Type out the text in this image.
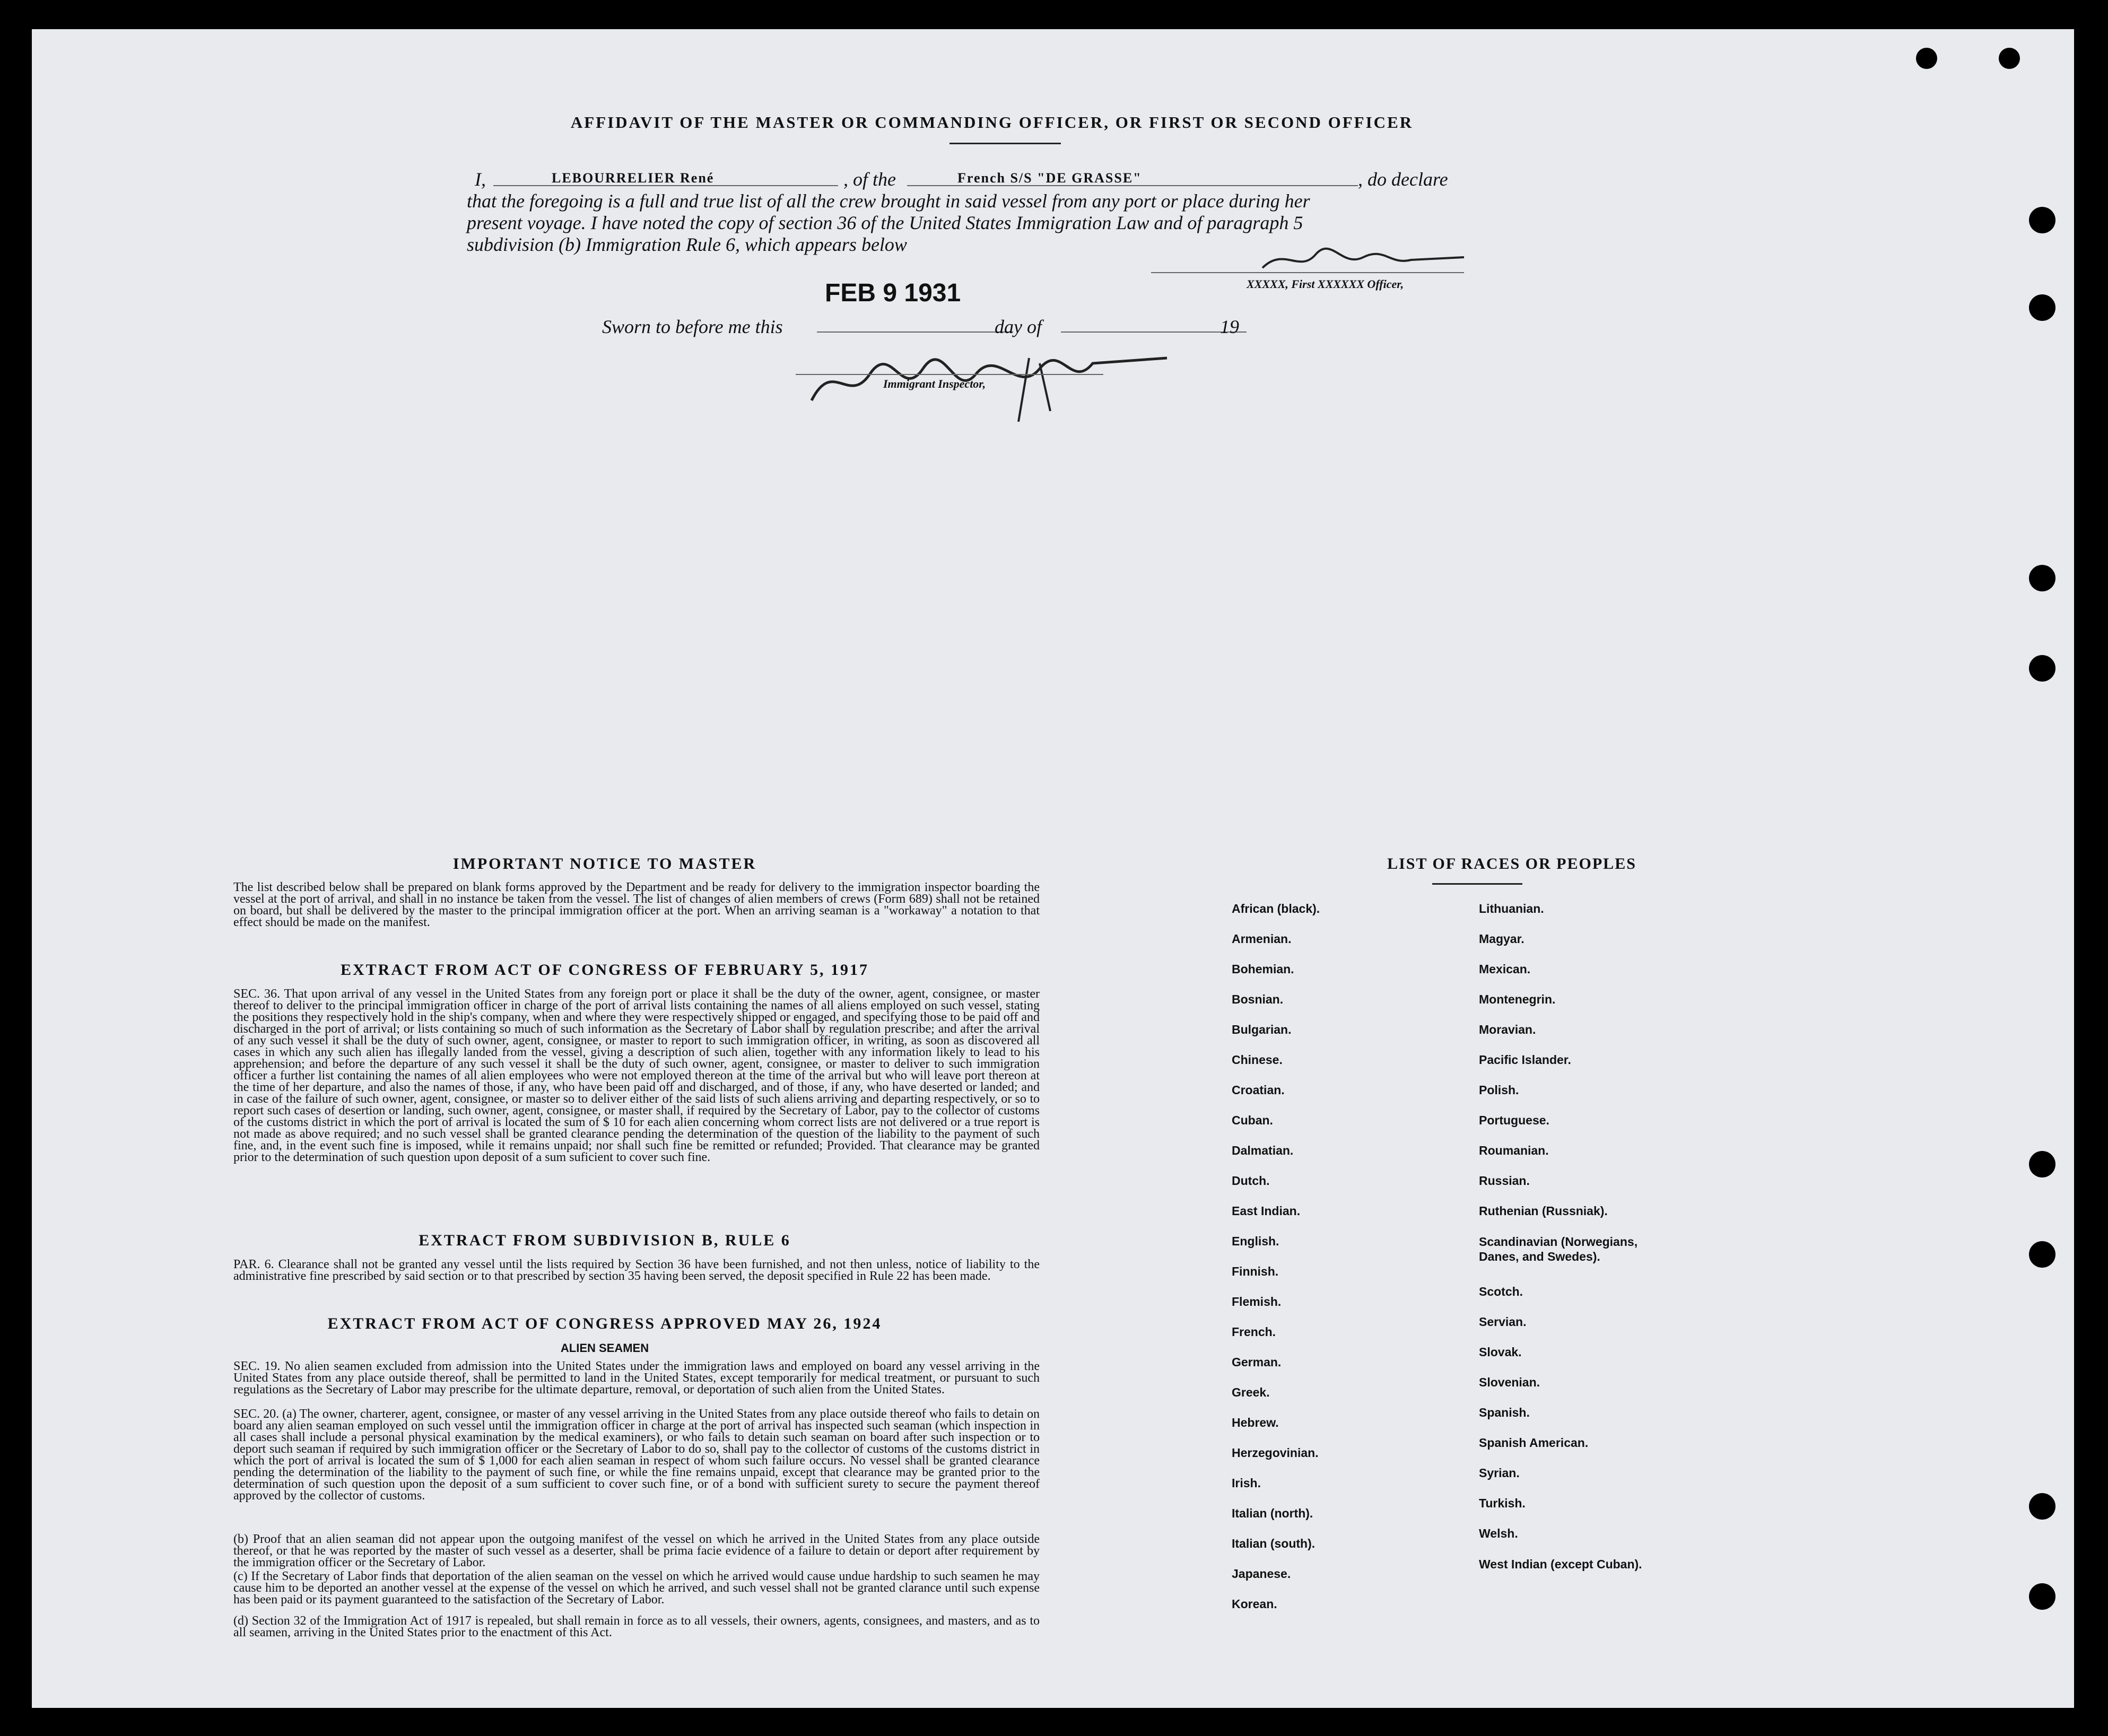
AFFIDAVIT OF THE MASTER OR COMMANDING OFFICER, OR FIRST OR SECOND OFFICER
I,	LEBOURRELIER René	, of the	French S/S "DE GRASSE"	, do declare
that the foregoing is a full and true list of all the crew brought in said vessel from any port or place during her
present voyage. I have noted the copy of section 36 of the United States Immigration Law and of paragraph 5
subdivision (b) Immigration Rule 6, which appears below
XXXXX, First XXXXXX Officer,
FEB 9 1931
Sworn to before me this	day of	19
Immigrant Inspector,
IMPORTANT NOTICE TO MASTER
The list described below shall be prepared on blank forms approved by the Department and be ready for delivery to the immigration inspector boarding the vessel at the port of arrival, and shall in no instance be taken from the vessel. The list of changes of alien members of crews (Form 689) shall not be retained on board, but shall be delivered by the master to the principal immigration officer at the port. When an arriving seaman is a "workaway" a notation to that effect should be made on the manifest.
EXTRACT FROM ACT OF CONGRESS OF FEBRUARY 5, 1917
SEC. 36. That upon arrival of any vessel in the United States from any foreign port or place it shall be the duty of the owner, agent, consignee, or master thereof to deliver to the principal immigration officer in charge of the port of arrival lists containing the names of all aliens employed on such vessel, stating the positions they respectively hold in the ship's company, when and where they were respectively shipped or engaged, and specifying those to be paid off and discharged in the port of arrival; or lists containing so much of such information as the Secretary of Labor shall by regulation prescribe; and after the arrival of any such vessel it shall be the duty of such owner, agent, consignee, or master to report to such immigration officer, in writing, as soon as discovered all cases in which any such alien has illegally landed from the vessel, giving a description of such alien, together with any information likely to lead to his apprehension; and before the departure of any such vessel it shall be the duty of such owner, agent, consignee, or master to deliver to such immigration officer a further list containing the names of all alien employees who were not employed thereon at the time of the arrival but who will leave port thereon at the time of her departure, and also the names of those, if any, who have been paid off and discharged, and of those, if any, who have deserted or landed; and in case of the failure of such owner, agent, consignee, or master so to deliver either of the said lists of such aliens arriving and departing respectively, or so to report such cases of desertion or landing, such owner, agent, consignee, or master shall, if required by the Secretary of Labor, pay to the collector of customs of the customs district in which the port of arrival is located the sum of $ 10 for each alien concerning whom correct lists are not delivered or a true report is not made as above required; and no such vessel shall be granted clearance pending the determination of the question of the liability to the payment of such fine, and, in the event such fine is imposed, while it remains unpaid; nor shall such fine be remitted or refunded; Provided. That clearance may be granted prior to the determination of such question upon deposit of a sum suficient to cover such fine.
EXTRACT FROM SUBDIVISION B, RULE 6
PAR. 6. Clearance shall not be granted any vessel until the lists required by Section 36 have been furnished, and not then unless, notice of liability to the administrative fine prescribed by said section or to that prescribed by section 35 having been served, the deposit specified in Rule 22 has been made.
EXTRACT FROM ACT OF CONGRESS APPROVED MAY 26, 1924
ALIEN SEAMEN
SEC. 19. No alien seamen excluded from admission into the United States under the immigration laws and employed on board any vessel arriving in the United States from any place outside thereof, shall be permitted to land in the United States, except temporarily for medical treatment, or pursuant to such regulations as the Secretary of Labor may prescribe for the ultimate departure, removal, or deportation of such alien from the United States.
SEC. 20. (a) The owner, charterer, agent, consignee, or master of any vessel arriving in the United States from any place outside thereof who fails to detain on board any alien seaman employed on such vessel until the immigration officer in charge at the port of arrival has inspected such seaman (which inspection in all cases shall include a personal physical examination by the medical examiners), or who fails to detain such seaman on board after such inspection or to deport such seaman if required by such immigration officer or the Secretary of Labor to do so, shall pay to the collector of customs of the customs district in which the port of arrival is located the sum of $ 1,000 for each alien seaman in respect of whom such failure occurs. No vessel shall be granted clearance pending the determination of the liability to the payment of such fine, or while the fine remains unpaid, except that clearance may be granted prior to the determination of such question upon the deposit of a sum sufficient to cover such fine, or of a bond with sufficient surety to secure the payment thereof approved by the collector of customs.
(b) Proof that an alien seaman did not appear upon the outgoing manifest of the vessel on which he arrived in the United States from any place outside thereof, or that he was reported by the master of such vessel as a deserter, shall be prima facie evidence of a failure to detain or deport after requirement by the immigration officer or the Secretary of Labor.
(c) If the Secretary of Labor finds that deportation of the alien seaman on the vessel on which he arrived would cause undue hardship to such seamen he may cause him to be deported an another vessel at the expense of the vessel on which he arrived, and such vessel shall not be granted clarance until such expense has been paid or its payment guaranteed to the satisfaction of the Secretary of Labor.
(d) Section 32 of the Immigration Act of 1917 is repealed, but shall remain in force as to all vessels, their owners, agents, consignees, and masters, and as to all seamen, arriving in the United States prior to the enactment of this Act.
LIST OF RACES OR PEOPLES
African (black).
Armenian.
Bohemian.
Bosnian.
Bulgarian.
Chinese.
Croatian.
Cuban.
Dalmatian.
Dutch.
East Indian.
English.
Finnish.
Flemish.
French.
German.
Greek.
Hebrew.
Herzegovinian.
Irish.
Italian (north).
Italian (south).
Japanese.
Korean.
Lithuanian.
Magyar.
Mexican.
Montenegrin.
Moravian.
Pacific Islander.
Polish.
Portuguese.
Roumanian.
Russian.
Ruthenian (Russniak).
Scandinavian (Norwegians, Danes, and Swedes).
Scotch.
Servian.
Slovak.
Slovenian.
Spanish.
Spanish American.
Syrian.
Turkish.
Welsh.
West Indian (except Cuban).
